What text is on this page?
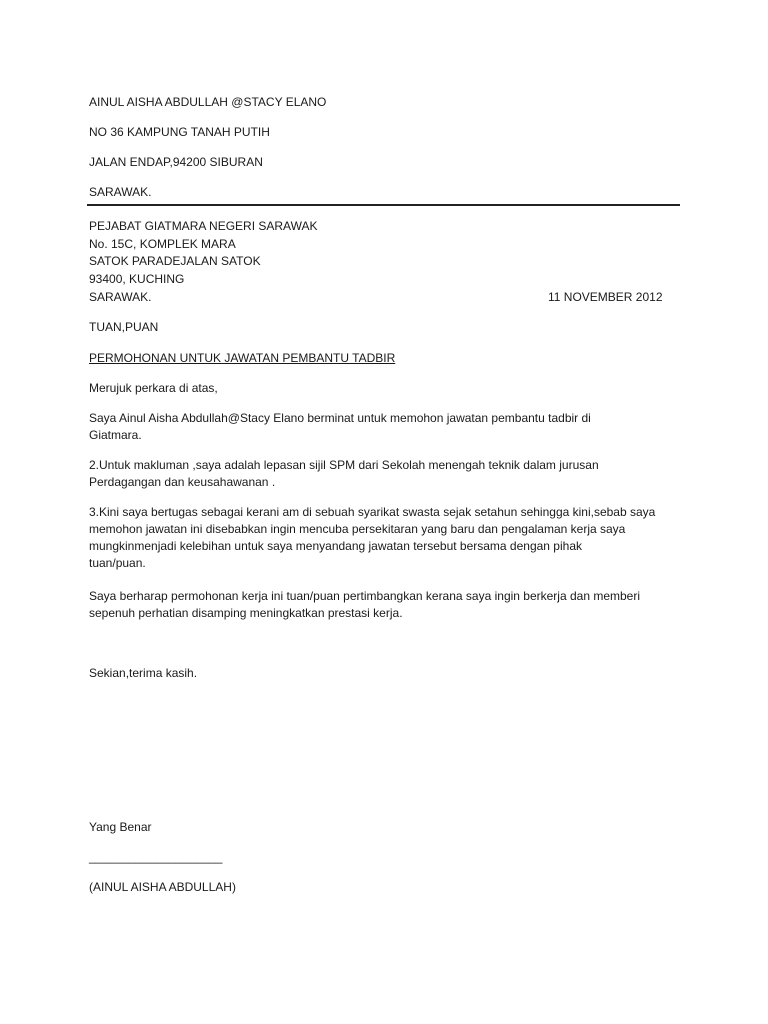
AINUL AISHA ABDULLAH @STACY ELANO
NO 36 KAMPUNG TANAH PUTIH
JALAN ENDAP,94200 SIBURAN
SARAWAK.
PEJABAT GIATMARA NEGERI SARAWAK
No. 15C, KOMPLEK MARA
SATOK PARADEJALAN SATOK
93400, KUCHING
SARAWAK.	11 NOVEMBER 2012
TUAN,PUAN
PERMOHONAN UNTUK JAWATAN PEMBANTU TADBIR
Merujuk perkara di atas,
Saya Ainul Aisha Abdullah@Stacy Elano berminat untuk memohon jawatan pembantu tadbir di
Giatmara.
2.Untuk makluman ,saya adalah lepasan sijil SPM dari Sekolah menengah teknik dalam jurusan
Perdagangan dan keusahawanan .
3.Kini saya bertugas sebagai kerani am di sebuah syarikat swasta sejak setahun sehingga kini,sebab saya
memohon jawatan ini disebabkan ingin mencuba persekitaran yang baru dan pengalaman kerja saya
mungkinmenjadi kelebihan untuk saya menyandang jawatan tersebut bersama dengan pihak
tuan/puan.
Saya berharap permohonan kerja ini tuan/puan pertimbangkan kerana saya ingin berkerja dan memberi
sepenuh perhatian disamping meningkatkan prestasi kerja.
Sekian,terima kasih.
Yang Benar
____________________
(AINUL AISHA ABDULLAH)
